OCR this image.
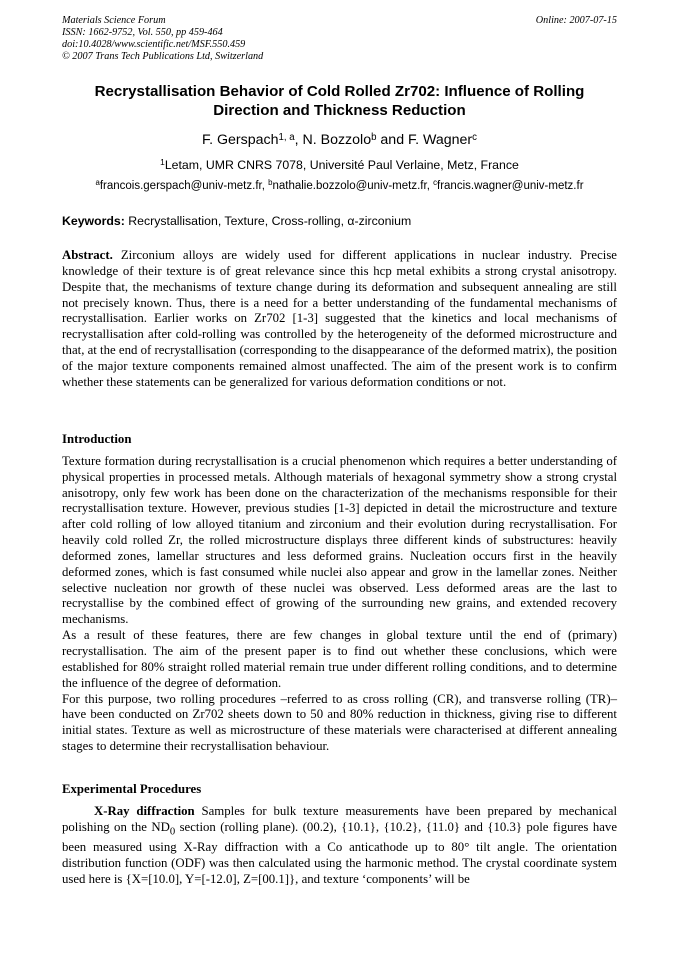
Materials Science Forum
ISSN: 1662-9752, Vol. 550, pp 459-464
doi:10.4028/www.scientific.net/MSF.550.459
© 2007 Trans Tech Publications Ltd, Switzerland
Online: 2007-07-15
Recrystallisation Behavior of Cold Rolled Zr702: Influence of Rolling Direction and Thickness Reduction
F. Gerspach$^{1, a}$, N. Bozzolo$^b$ and F. Wagner$^c$
$^1$Letam, UMR CNRS 7078, Université Paul Verlaine, Metz, France
$^a$francois.gerspach@univ-metz.fr, $^b$nathalie.bozzolo@univ-metz.fr, $^c$francis.wagner@univ-metz.fr
Keywords: Recrystallisation, Texture, Cross-rolling, α-zirconium

Abstract. Zirconium alloys are widely used for different applications in nuclear industry. Precise knowledge of their texture is of great relevance since this hcp metal exhibits a strong crystal anisotropy. Despite that, the mechanisms of texture change during its deformation and subsequent annealing are still not precisely known. Thus, there is a need for a better understanding of the fundamental mechanisms of recrystallisation. Earlier works on Zr702 [1-3] suggested that the kinetics and local mechanisms of recrystallisation after cold-rolling was controlled by the heterogeneity of the deformed microstructure and that, at the end of recrystallisation (corresponding to the disappearance of the deformed matrix), the position of the major texture components remained almost unaffected. The aim of the present work is to confirm whether these statements can be generalized for various deformation conditions or not.

Introduction

Texture formation during recrystallisation is a crucial phenomenon which requires a better understanding of physical properties in processed metals. Although materials of hexagonal symmetry show a strong crystal anisotropy, only few work has been done on the characterization of the mechanisms responsible for their recrystallisation texture. However, previous studies [1-3] depicted in detail the microstructure and texture after cold rolling of low alloyed titanium and zirconium and their evolution during recrystallisation. For heavily cold rolled Zr, the rolled microstructure displays three different kinds of substructures: heavily deformed zones, lamellar structures and less deformed grains. Nucleation occurs first in the heavily deformed zones, which is fast consumed while nuclei also appear and grow in the lamellar zones. Neither selective nucleation nor growth of these nuclei was observed. Less deformed areas are the last to recrystallise by the combined effect of growing of the surrounding new grains, and extended recovery mechanisms.

As a result of these features, there are few changes in global texture until the end of (primary) recrystallisation. The aim of the present paper is to find out whether these conclusions, which were established for 80% straight rolled material remain true under different rolling conditions, and to determine the influence of the degree of deformation.

For this purpose, two rolling procedures –referred to as cross rolling (CR), and transverse rolling (TR)– have been conducted on Zr702 sheets down to 50 and 80% reduction in thickness, giving rise to different initial states. Texture as well as microstructure of these materials were characterised at different annealing stages to determine their recrystallisation behaviour.

Experimental Procedures

X-Ray diffraction Samples for bulk texture measurements have been prepared by mechanical polishing on the $ND_0$ section (rolling plane). (00.2), {10.1}, {10.2}, {11.0} and {10.3} pole figures have been measured using X-Ray diffraction with a Co anticathode up to 80° tilt angle. The orientation distribution function (ODF) was then calculated using the harmonic method. The crystal coordinate system used here is {X=[10.0], Y=[-12.0], Z=[00.1]}, and texture ‘components’ will be
